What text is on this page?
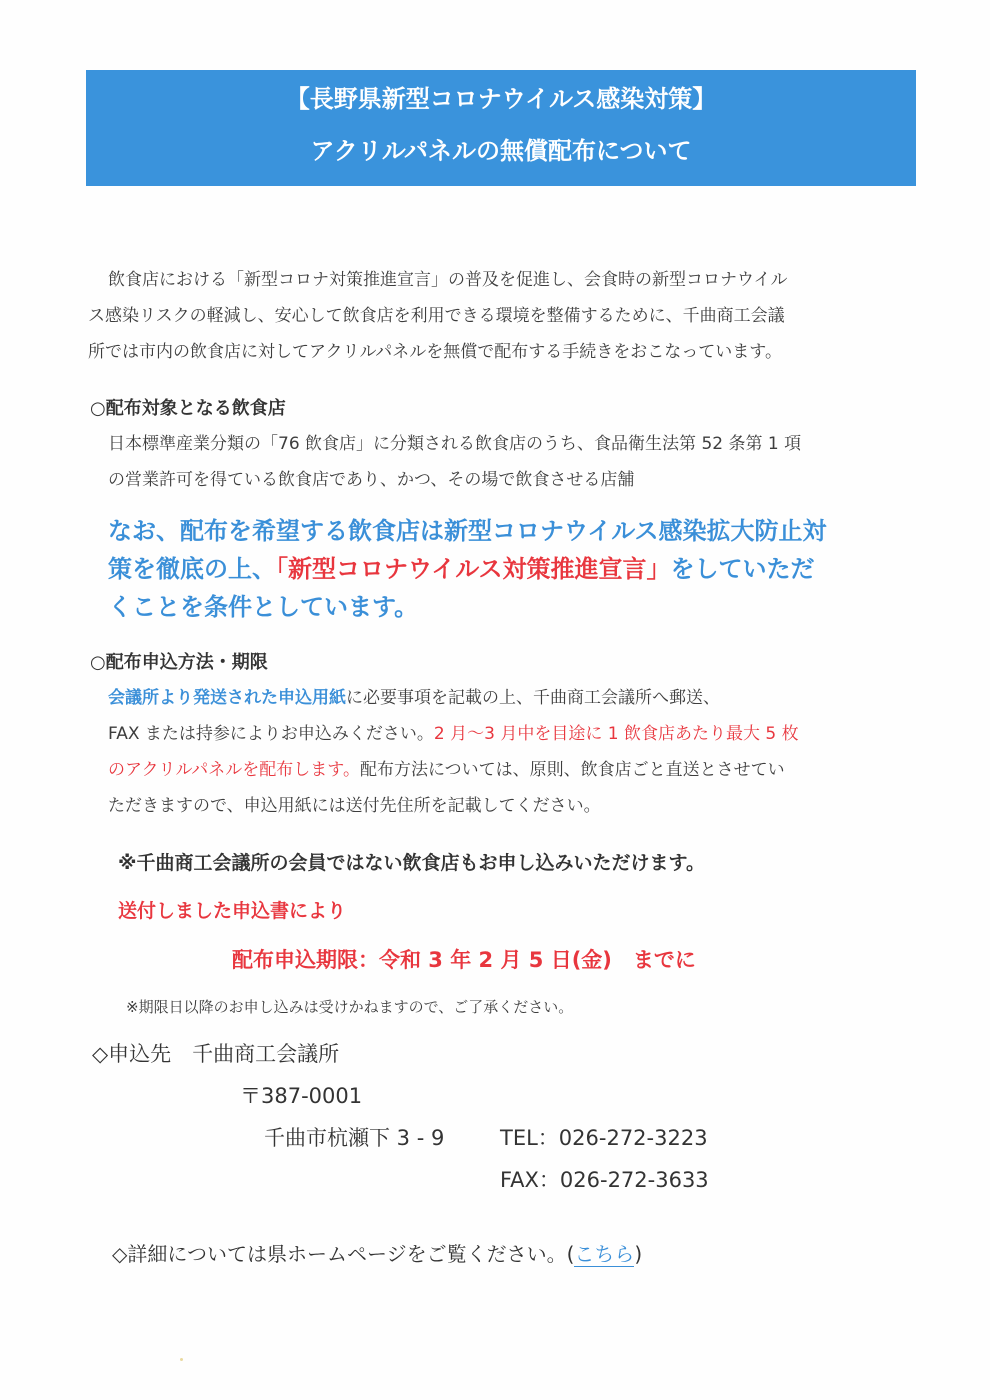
【長野県新型コロナウイルス感染対策】
アクリルパネルの無償配布について
飲食店における「新型コロナ対策推進宣言」の普及を促進し、会食時の新型コロナウイル
ス感染リスクの軽減し、安心して飲食店を利用できる環境を整備するために、千曲商工会議
所では市内の飲食店に対してアクリルパネルを無償で配布する手続きをおこなっています。
○配布対象となる飲食店
日本標準産業分類の「76 飲食店」に分類される飲食店のうち、食品衛生法第 52 条第 1 項
の営業許可を得ている飲食店であり、かつ、その場で飲食させる店舗
なお、配布を希望する飲食店は新型コロナウイルス感染拡大防止対
策を徹底の上、「新型コロナウイルス対策推進宣言」をしていただ
くことを条件としています。
○配布申込方法・期限
会議所より発送された申込用紙に必要事項を記載の上、千曲商工会議所へ郵送、
FAX または持参によりお申込みください。2 月～3 月中を目途に 1 飲食店あたり最大 5 枚
のアクリルパネルを配布します。配布方法については、原則、飲食店ごと直送とさせてい
ただきますので、申込用紙には送付先住所を記載してください。
※千曲商工会議所の会員ではない飲食店もお申し込みいただけます。
送付しました申込書により
配布申込期限：令和 3 年 2 月 5 日(金)　までに
※期限日以降のお申し込みは受けかねますので、ご了承ください。
◇申込先　千曲商工会議所
〒387-0001
千曲市杭瀬下 3 - 9	TEL：026-272-3223
FAX：026-272-3633
◇詳細については県ホームページをご覧ください。(こちら)
